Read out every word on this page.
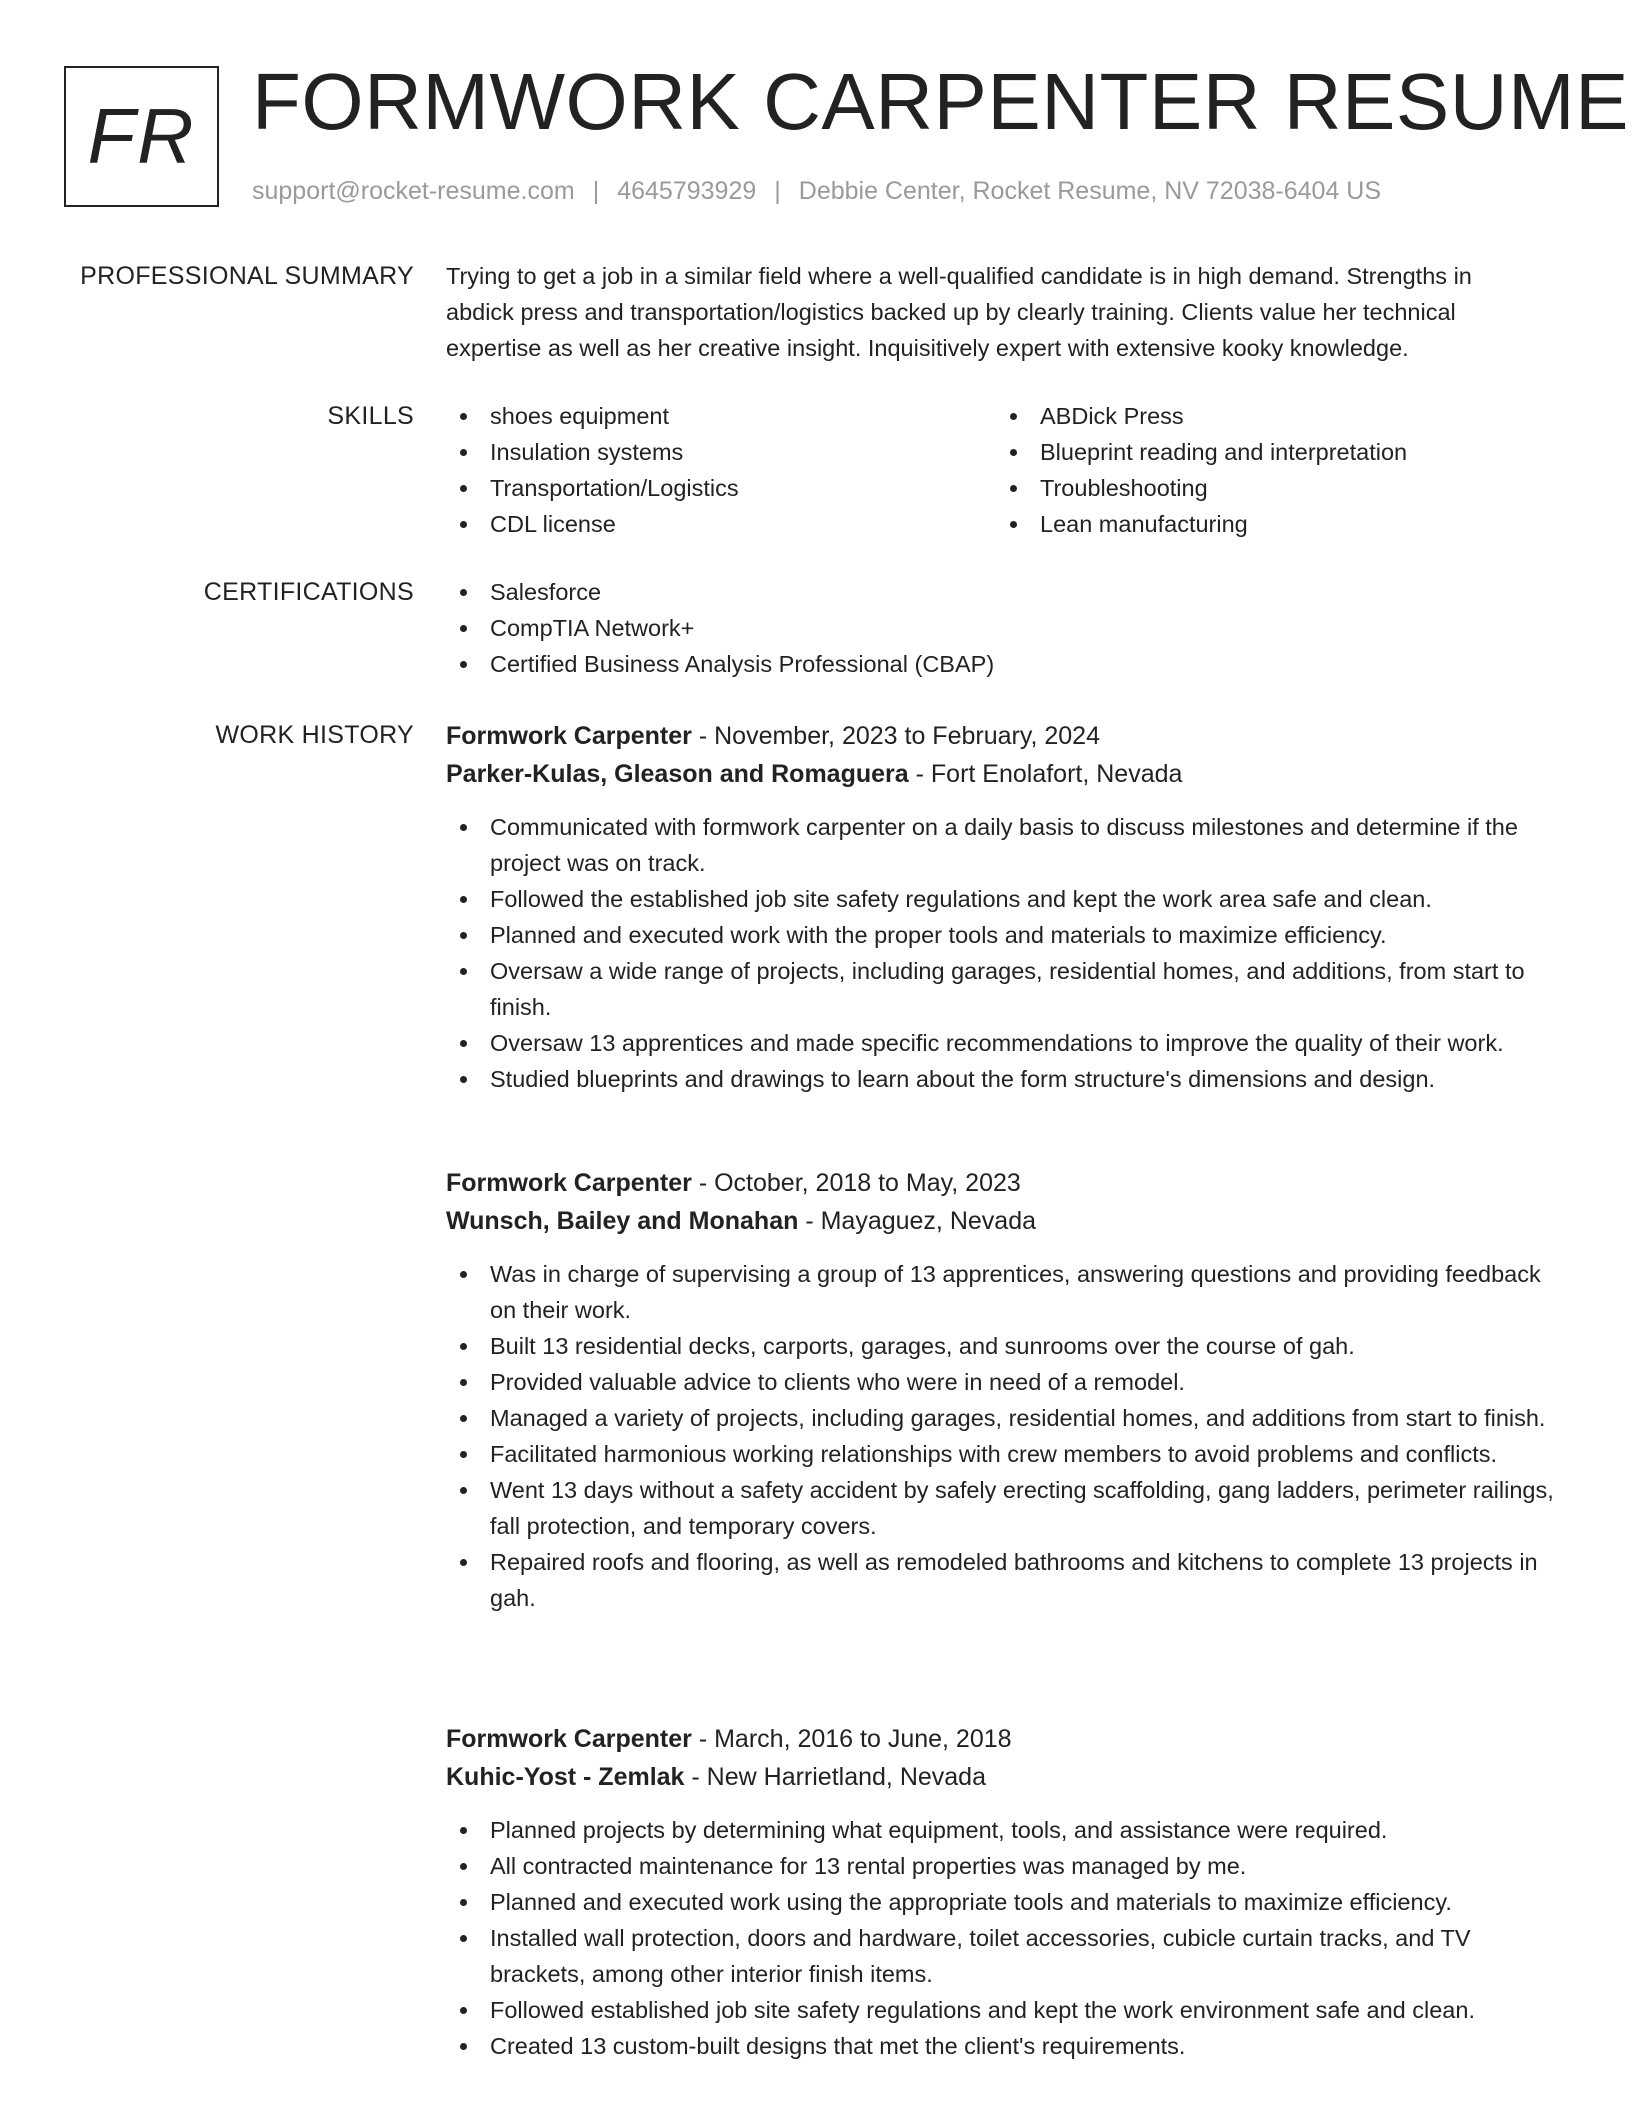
FR FORMWORK CARPENTER RESUME
support@rocket-resume.com | 4645793929 | Debbie Center, Rocket Resume, NV 72038-6404 US
PROFESSIONAL SUMMARY Trying to get a job in a similar field where a well-qualified candidate is in high demand. Strengths in abdick press and transportation/logistics backed up by clearly training. Clients value her technical expertise as well as her creative insight. Inquisitively expert with extensive kooky knowledge.
SKILLS	shoes equipment
Insulation systems
Transportation/Logistics
CDL license
ABDick Press
Blueprint reading and interpretation
Troubleshooting
Lean manufacturing
CERTIFICATIONS	Salesforce
CompTIA Network+
Certified Business Analysis Professional (CBAP)
WORK HISTORY Formwork Carpenter - November, 2023 to February, 2024
Parker-Kulas, Gleason and Romaguera - Fort Enolafort, Nevada
Communicated with formwork carpenter on a daily basis to discuss milestones and determine if the project was on track.
Followed the established job site safety regulations and kept the work area safe and clean.
Planned and executed work with the proper tools and materials to maximize efficiency.
Oversaw a wide range of projects, including garages, residential homes, and additions, from start to finish.
Oversaw 13 apprentices and made specific recommendations to improve the quality of their work.
Studied blueprints and drawings to learn about the form structure's dimensions and design.
Formwork Carpenter - October, 2018 to May, 2023
Wunsch, Bailey and Monahan - Mayaguez, Nevada
Was in charge of supervising a group of 13 apprentices, answering questions and providing feedback on their work.
Built 13 residential decks, carports, garages, and sunrooms over the course of gah.
Provided valuable advice to clients who were in need of a remodel.
Managed a variety of projects, including garages, residential homes, and additions from start to finish.
Facilitated harmonious working relationships with crew members to avoid problems and conflicts.
Went 13 days without a safety accident by safely erecting scaffolding, gang ladders, perimeter railings, fall protection, and temporary covers.
Repaired roofs and flooring, as well as remodeled bathrooms and kitchens to complete 13 projects in gah.
Formwork Carpenter - March, 2016 to June, 2018
Kuhic-Yost - Zemlak - New Harrietland, Nevada
Planned projects by determining what equipment, tools, and assistance were required.
All contracted maintenance for 13 rental properties was managed by me.
Planned and executed work using the appropriate tools and materials to maximize efficiency.
Installed wall protection, doors and hardware, toilet accessories, cubicle curtain tracks, and TV brackets, among other interior finish items.
Followed established job site safety regulations and kept the work environment safe and clean.
Created 13 custom-built designs that met the client's requirements.
